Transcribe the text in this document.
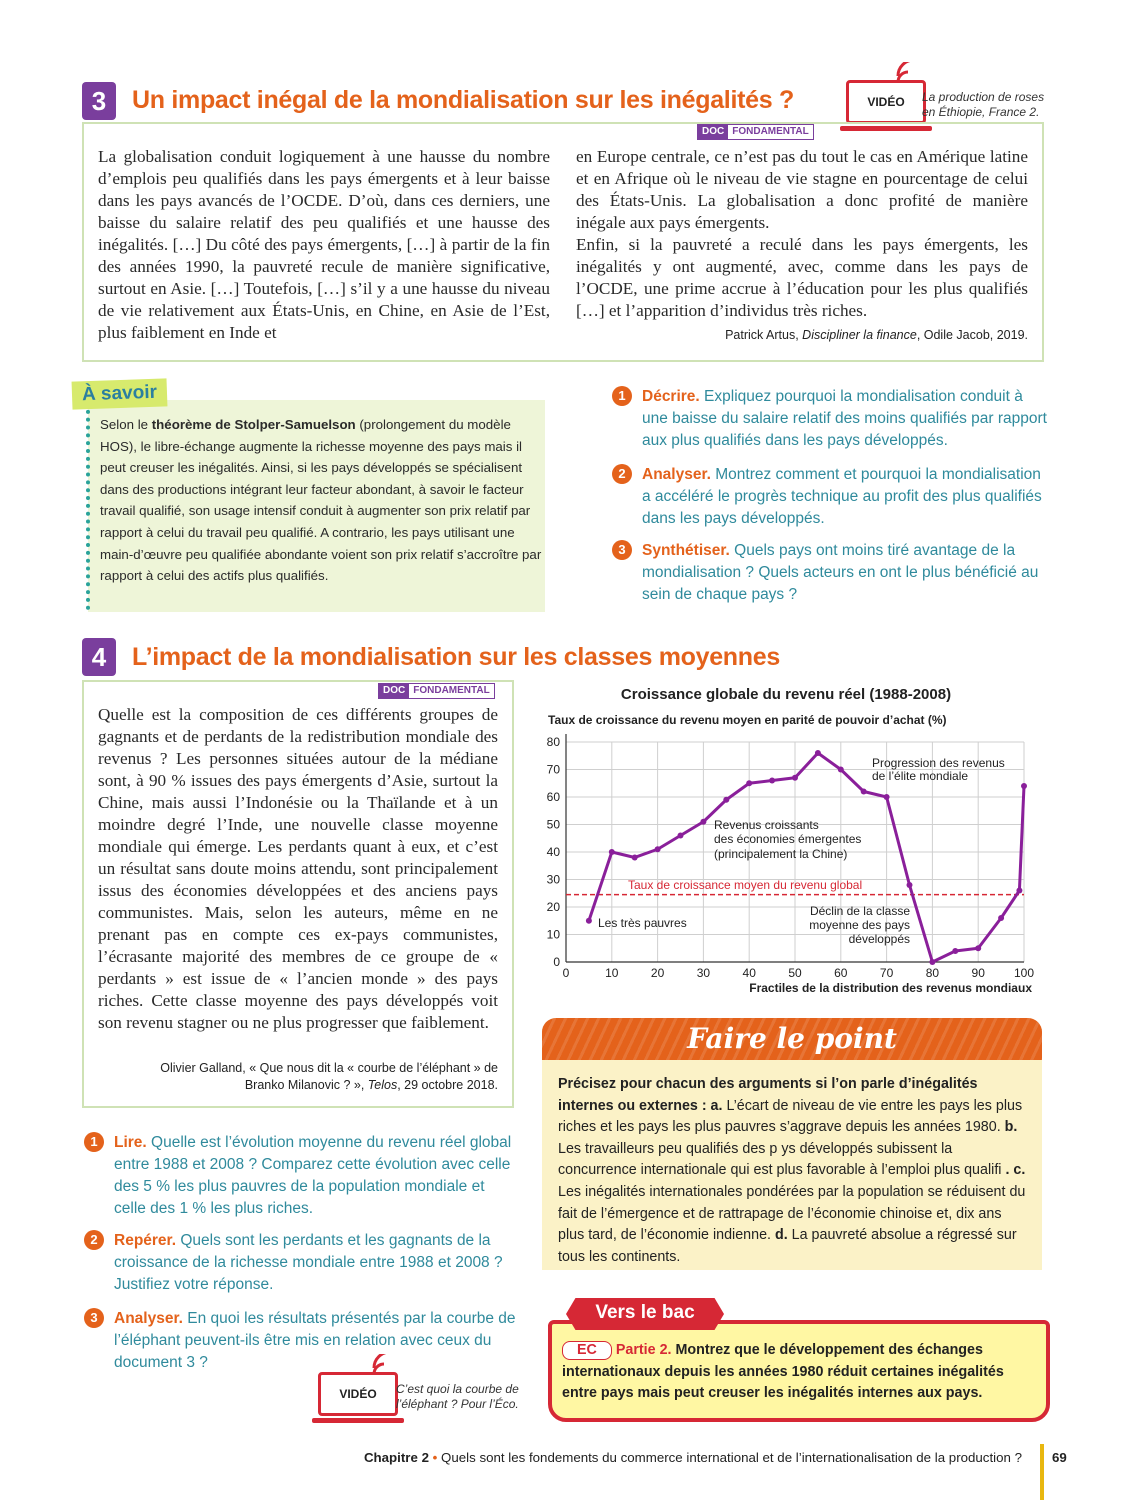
3	Un impact inégal de la mondialisation sur les inégalités ?	VIDÉO	La production de roses
en Éthiopie, France 2.
DOC FONDAMENTAL
La globalisation conduit logiquement à une hausse du nombre d’emplois peu qualifiés dans les pays émergents et à leur baisse dans les pays avancés de l’OCDE. D’où, dans ces derniers, une baisse du salaire relatif des peu qualifiés et une hausse des inégalités. […] Du côté des pays émergents, […] à partir de la fin des années 1990, la pauvreté recule de manière significative, surtout en Asie. […] Toutefois, […] s’il y a une hausse du niveau de vie relativement aux États-Unis, en Chine, en Asie de l’Est, plus faiblement en Inde et
en Europe centrale, ce n’est pas du tout le cas en Amérique latine et en Afrique où le niveau de vie stagne en pourcentage de celui des États-Unis. La globalisation a donc profité de manière inégale aux pays émergents.
Enfin, si la pauvreté a reculé dans les pays émergents, les inégalités y ont augmenté, avec, comme dans les pays de l’OCDE, une prime accrue à l’éducation pour les plus qualifiés […] et l’apparition d’individus très riches.
Patrick Artus, Discipliner la finance, Odile Jacob, 2019.
À savoir
Selon le théorème de Stolper-Samuelson (prolongement du modèle HOS), le libre-échange augmente la richesse moyenne des pays mais il peut creuser les inégalités. Ainsi, si les pays développés se spécialisent dans des productions intégrant leur facteur abondant, à savoir le facteur travail qualifié, son usage intensif conduit à augmenter son prix relatif par rapport à celui du travail peu qualifié. A contrario, les pays utilisant une main-d’œuvre peu qualifiée abondante voient son prix relatif s’accroître par rapport à celui des actifs plus qualifiés.
1	Décrire. Expliquez pourquoi la mondialisation conduit à une baisse du salaire relatif des moins qualifiés par rapport aux plus qualifiés dans les pays développés.
2	Analyser. Montrez comment et pourquoi la mondialisation a accéléré le progrès technique au profit des plus qualifiés dans les pays développés.
3	Synthétiser. Quels pays ont moins tiré avantage de la mondialisation ? Quels acteurs en ont le plus bénéficié au sein de chaque pays ?
4	L’impact de la mondialisation sur les classes moyennes
DOC FONDAMENTAL
Quelle est la composition de ces différents groupes de gagnants et de perdants de la redistribution mondiale des revenus ? Les personnes situées autour de la médiane sont, à 90 % issues des pays émergents d’Asie, surtout la Chine, mais aussi l’Indonésie ou la Thaïlande et à un moindre degré l’Inde, une nouvelle classe moyenne mondiale qui émerge. Les perdants quant à eux, et c’est un résultat sans doute moins attendu, sont principalement issus des économies développées et des anciens pays communistes. Mais, selon les auteurs, même en ne prenant pas en compte ces ex-pays communistes, l’écrasante majorité des membres de ce groupe de « perdants » est issue de « l’ancien monde » des pays riches. Cette classe moyenne des pays développés voit son revenu stagner ou ne plus progresser que faiblement.
Olivier Galland, « Que nous dit la « courbe de l’éléphant » de
Branko Milanovic ? », Telos, 29 octobre 2018.
Croissance globale du revenu réel (1988-2008)
Taux de croissance du revenu moyen en parité de pouvoir d’achat (%)
0	10	20	30	40	50	60	70	80	90 100
0
10
20
30
40
50
60
70
80
Fractiles de la distribution des revenus mondiaux
Progression des revenus
de l’élite mondiale
Revenus croissants
des économies émergentes
(principalement la Chine)
Taux de croissance moyen du revenu global
Les très pauvres
Déclin de la classe
moyenne des pays
développés
Faire le point
Précisez pour chacun des arguments si l’on parle d’inégalités internes ou externes : a. L’écart de niveau de vie entre les pays les plus riches et les pays les plus pauvres s’aggrave depuis les années 1980. b. Les travailleurs peu qualifiés des p ys développés subissent la concurrence internationale qui est plus favorable à l’emploi plus qualifi . c. Les inégalités internationales pondérées par la population se réduisent du fait de l’émergence et de rattrapage de l’économie chinoise et, dix ans plus tard, de l’économie indienne. d. La pauvreté absolue a régressé sur tous les continents.
Vers le bac
EC Partie 2. Montrez que le développement des échanges internationaux depuis les années 1980 réduit certaines inégalités entre pays mais peut creuser les inégalités internes aux pays.
1	Lire. Quelle est l’évolution moyenne du revenu réel global entre 1988 et 2008 ? Comparez cette évolution avec celle des 5 % les plus pauvres de la population mondiale et celle des 1 % les plus riches.
2	Repérer. Quels sont les perdants et les gagnants de la croissance de la richesse mondiale entre 1988 et 2008 ? Justifiez votre réponse.
3	Analyser. En quoi les résultats présentés par la courbe de l’éléphant peuvent-ils être mis en relation avec ceux du document 3 ?
VIDÉO	C’est quoi la courbe de
l’éléphant ? Pour l’Éco.
Chapitre 2 • Quels sont les fondements du commerce international et de l’internationalisation de la production ? 69
